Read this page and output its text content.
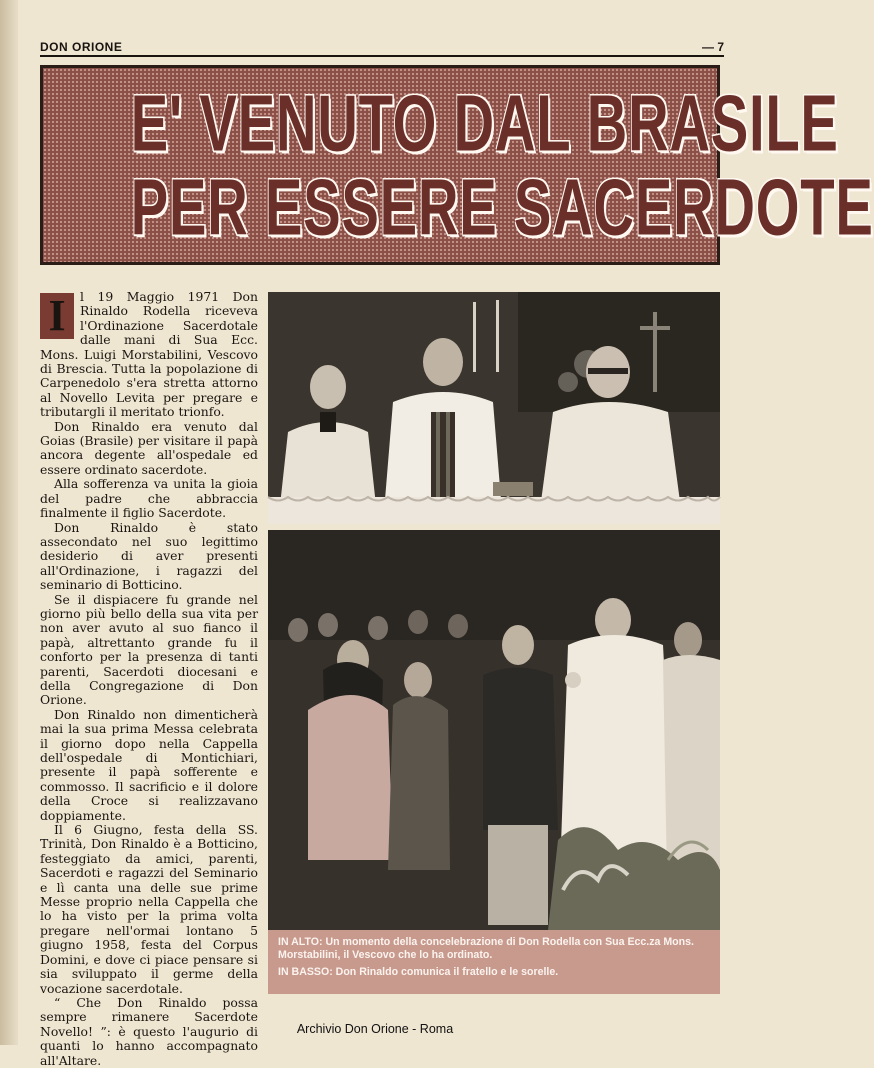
DON ORIONE	— 7
E' VENUTO DAL BRASILE
PER ESSERE SACERDOTE

I	l 19 Maggio 1971 Don Rinaldo Rodella riceveva l'Ordinazione Sacerdotale dalle mani di Sua Ecc. Mons. Luigi Morstabilini, Vescovo di Brescia. Tutta la popolazione di Carpenedolo s'era stretta attorno al Novello Levita per pregare e tributargli il meritato trionfo.

Don Rinaldo era venuto dal Goias (Brasile) per visitare il papà ancora degente all'ospedale ed essere ordinato sacerdote.

Alla sofferenza va unita la gioia del padre che abbraccia finalmente il figlio Sacerdote.

Don Rinaldo è stato assecondato nel suo legittimo desiderio di aver presenti all'Ordinazione, i ragazzi del seminario di Botticino.

Se il dispiacere fu grande nel giorno più bello della sua vita per non aver avuto al suo fianco il papà, altrettanto grande fu il conforto per la presenza di tanti parenti, Sacerdoti diocesani e della Congregazione di Don Orione.

Don Rinaldo non dimenticherà mai la sua prima Messa celebrata il giorno dopo nella Cappella dell'ospedale di Montichiari, presente il papà sofferente e commosso. Il sacrificio e il dolore della Croce si realizzavano doppiamente.

Il 6 Giugno, festa della SS. Trinità, Don Rinaldo è a Botticino, festeggiato da amici, parenti, Sacerdoti e ragazzi del Seminario e lì canta una delle sue prime Messe proprio nella Cappella che lo ha visto per la prima volta pregare nell'ormai lontano 5 giugno 1958, festa del Corpus Domini, e dove ci piace pensare si sia sviluppato il germe della vocazione sacerdotale.

“ Che Don Rinaldo possa sempre rimanere Sacerdote Novello! ”: è questo l'augurio di quanti lo hanno accompagnato all'Altare.

IN ALTO: Un momento della concelebrazione di Don Rodella con Sua Ecc.za Mons. Morstabilini, il Vescovo che lo ha ordinato.
IN BASSO: Don Rinaldo comunica il fratello e le sorelle.
Archivio Don Orione - Roma
